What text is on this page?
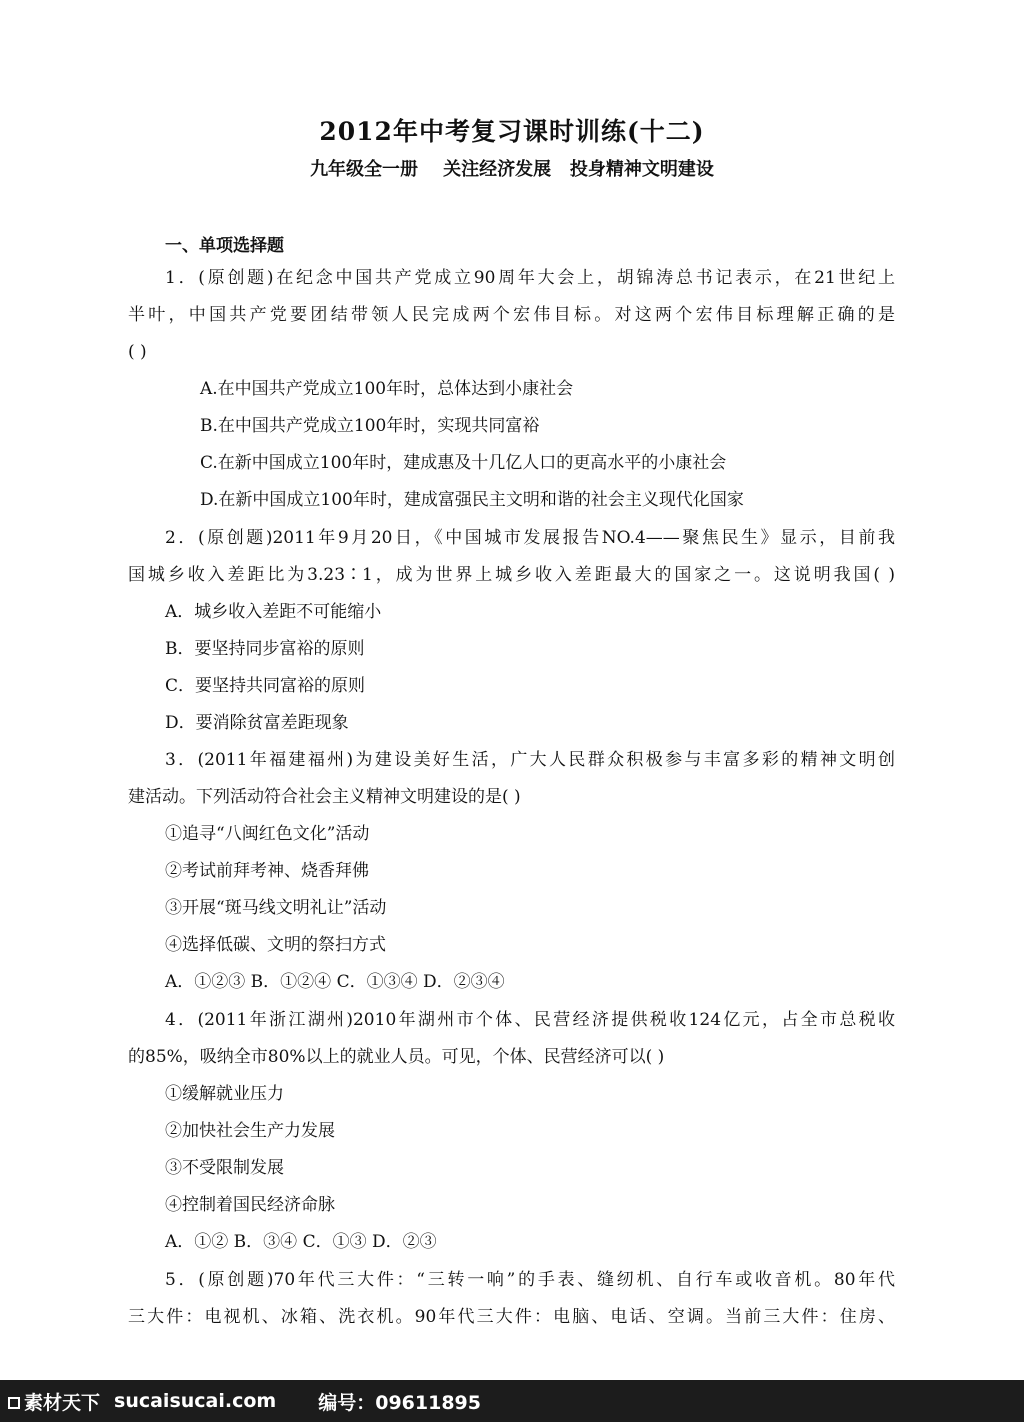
2012年中考复习课时训练(十二)
九年级全一册    关注经济发展   投身精神文明建设
一、单项选择题
1．(原创题)在纪念中国共产党成立90周年大会上，胡锦涛总书记表示，在21世纪上
半叶，中国共产党要团结带领人民完成两个宏伟目标。对这两个宏伟目标理解正确的是
( )
A.在中国共产党成立100年时，总体达到小康社会
B.在中国共产党成立100年时，实现共同富裕
C.在新中国成立100年时，建成惠及十几亿人口的更高水平的小康社会
D.在新中国成立100年时，建成富强民主文明和谐的社会主义现代化国家
2．(原创题)2011年9月20日，《中国城市发展报告NO.4——聚焦民生》显示，目前我
国城乡收入差距比为3.23∶1，成为世界上城乡收入差距最大的国家之一。这说明我国( )
A．城乡收入差距不可能缩小
B．要坚持同步富裕的原则
C．要坚持共同富裕的原则
D．要消除贫富差距现象
3．(2011年福建福州)为建设美好生活，广大人民群众积极参与丰富多彩的精神文明创
建活动。下列活动符合社会主义精神文明建设的是( )
①追寻“八闽红色文化”活动
②考试前拜考神、烧香拜佛
③开展“斑马线文明礼让”活动
④选择低碳、文明的祭扫方式
A．①②③ B．①②④ C．①③④ D．②③④
4．(2011年浙江湖州)2010年湖州市个体、民营经济提供税收124亿元，占全市总税收
的85%，吸纳全市80%以上的就业人员。可见，个体、民营经济可以( )
①缓解就业压力
②加快社会生产力发展
③不受限制发展
④控制着国民经济命脉
A．①② B．③④ C．①③ D．②③
5．(原创题)70年代三大件：“三转一响”的手表、缝纫机、自行车或收音机。80年代
三大件：电视机、冰箱、洗衣机。90年代三大件：电脑、电话、空调。当前三大件：住房、
素材天下 sucaisucai.com 编号：09611895
